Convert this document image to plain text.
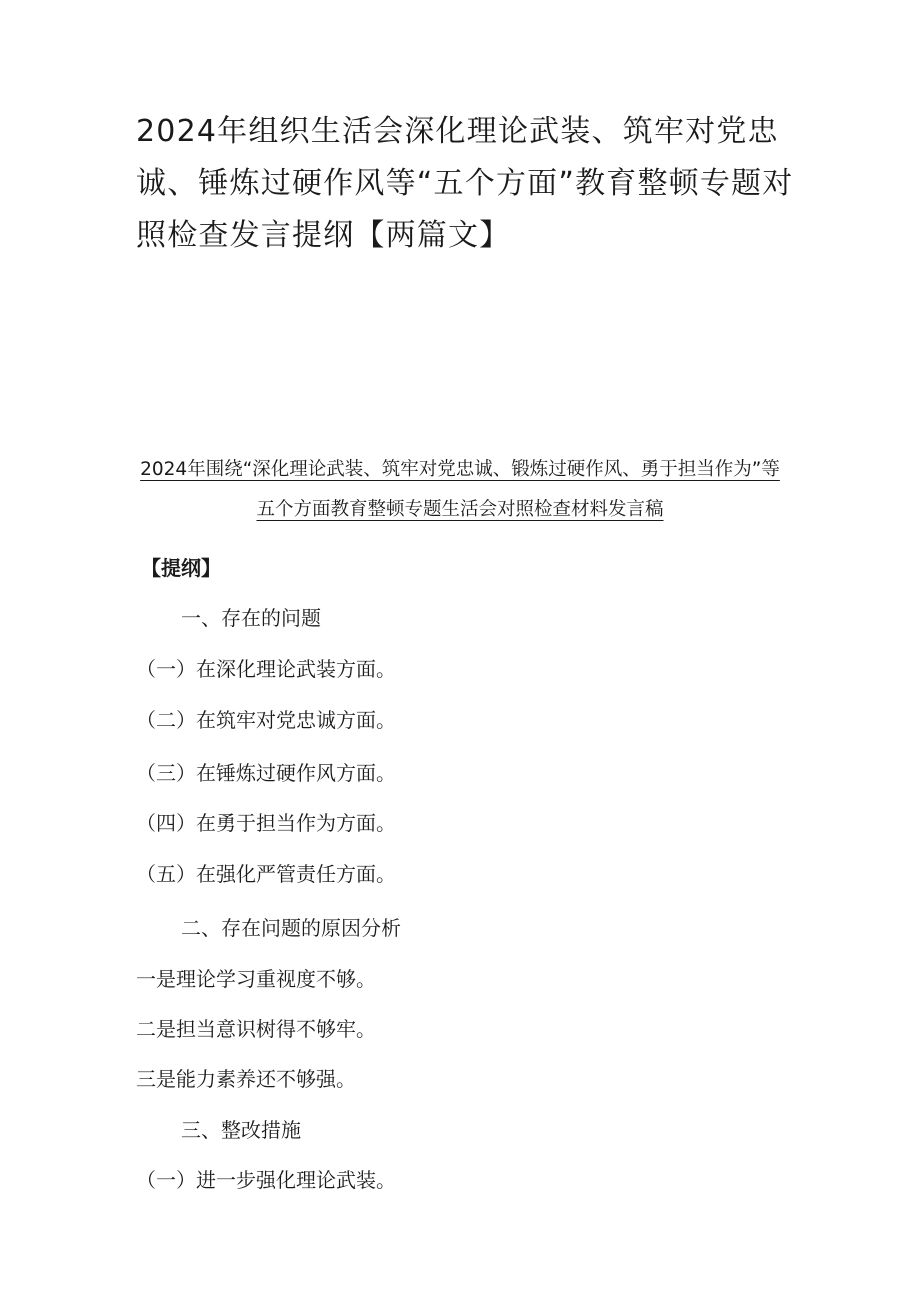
2024年组织生活会深化理论武装、筑牢对党忠诚、锤炼过硬作风等“五个方面”教育整顿专题对照检查发言提纲【两篇文】

2024年围绕“深化理论武装、筑牢对党忠诚、锻炼过硬作风、勇于担当作为”等五个方面教育整顿专题生活会对照检查材料发言稿

【提纲】

一、存在的问题

（一）在深化理论武装方面。

（二）在筑牢对党忠诚方面。

（三）在锤炼过硬作风方面。

（四）在勇于担当作为方面。

（五）在强化严管责任方面。

二、存在问题的原因分析

一是理论学习重视度不够。

二是担当意识树得不够牢。

三是能力素养还不够强。

三、整改措施

（一）进一步强化理论武装。
